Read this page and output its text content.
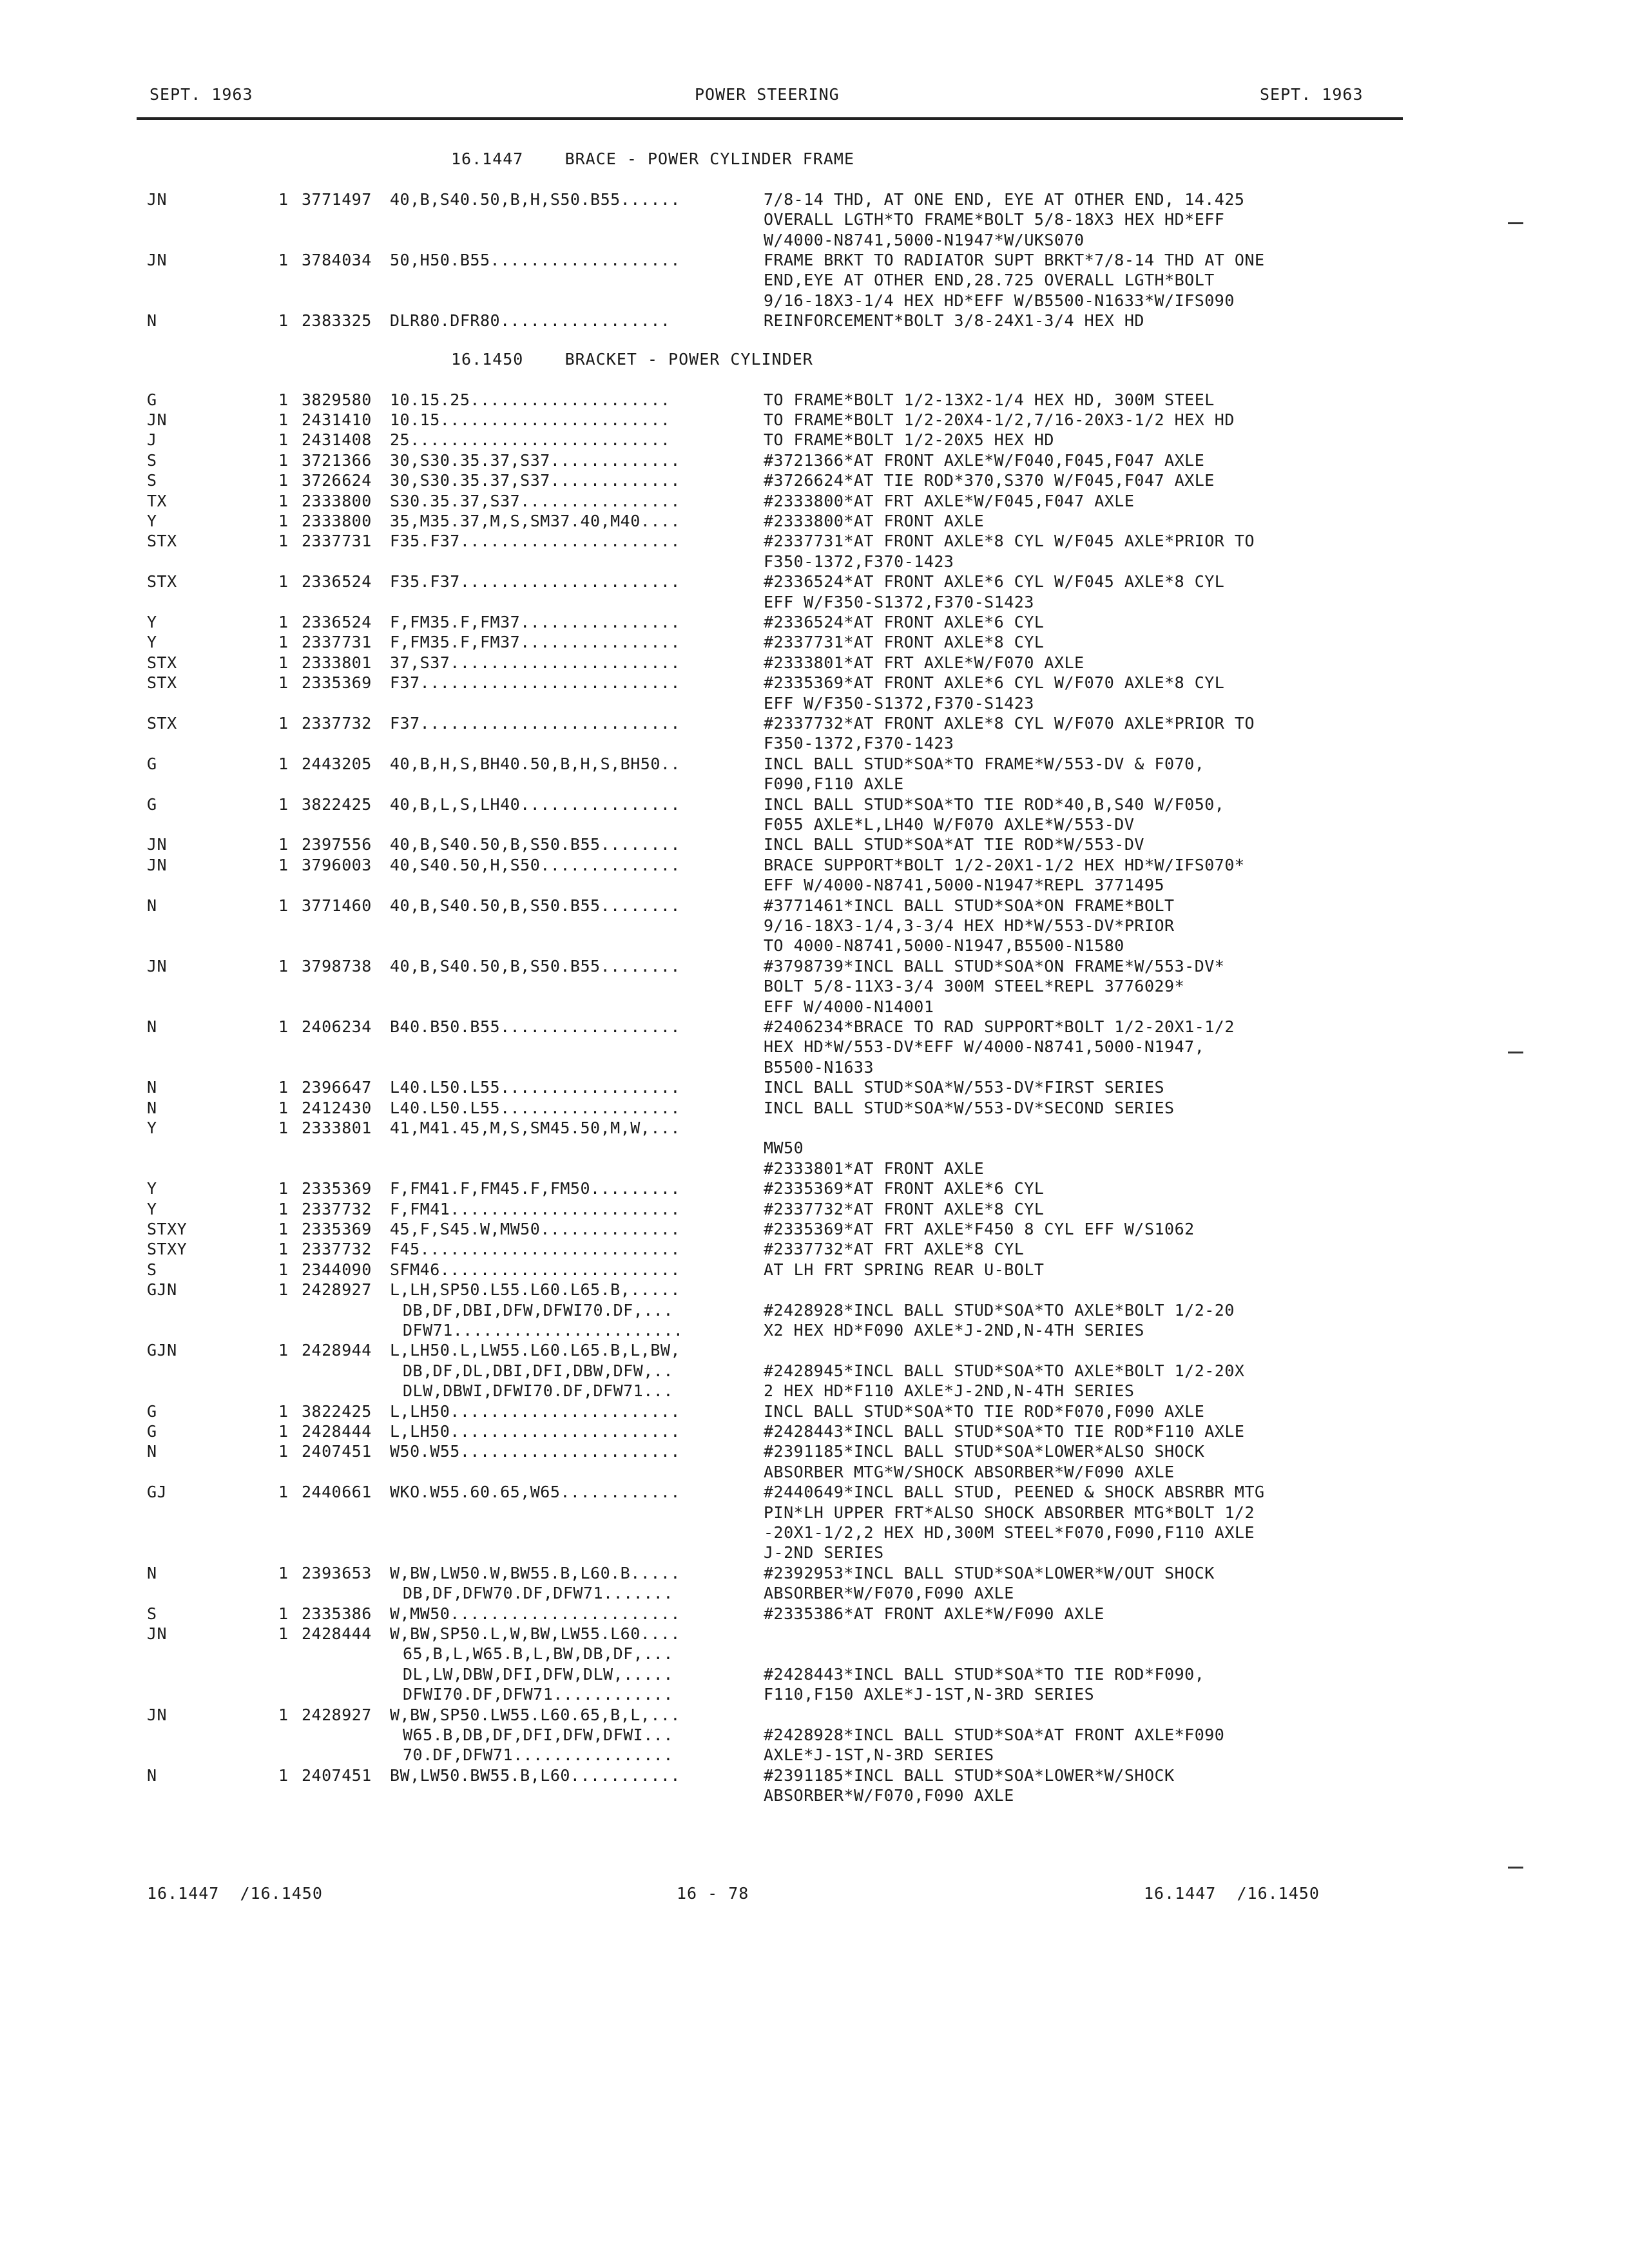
SEPT. 1963	POWER STEERING	SEPT. 1963
16.1447    BRACE - POWER CYLINDER FRAME
JN	1 3771497 40,B,S40.50,B,H,S50.B55......	7/8-14 THD, AT ONE END, EYE AT OTHER END, 14.425
OVERALL LGTH*TO FRAME*BOLT 5/8-18X3 HEX HD*EFF
W/4000-N8741,5000-N1947*W/UKS070
JN	1 3784034 50,H50.B55...................	FRAME BRKT TO RADIATOR SUPT BRKT*7/8-14 THD AT ONE
END,EYE AT OTHER END,28.725 OVERALL LGTH*BOLT
9/16-18X3-1/4 HEX HD*EFF W/B5500-N1633*W/IFS090
N	1 2383325 DLR80.DFR80.................	REINFORCEMENT*BOLT 3/8-24X1-3/4 HEX HD
16.1450    BRACKET - POWER CYLINDER
G	1 3829580 10.15.25....................	TO FRAME*BOLT 1/2-13X2-1/4 HEX HD, 300M STEEL
JN	1 2431410 10.15.......................	TO FRAME*BOLT 1/2-20X4-1/2,7/16-20X3-1/2 HEX HD
J	1 2431408 25..........................	TO FRAME*BOLT 1/2-20X5 HEX HD
S	1 3721366 30,S30.35.37,S37.............	#3721366*AT FRONT AXLE*W/F040,F045,F047 AXLE
S	1 3726624 30,S30.35.37,S37.............	#3726624*AT TIE ROD*370,S370 W/F045,F047 AXLE
TX	1 2333800 S30.35.37,S37................	#2333800*AT FRT AXLE*W/F045,F047 AXLE
Y	1 2333800 35,M35.37,M,S,SM37.40,M40....	#2333800*AT FRONT AXLE
STX	1 2337731 F35.F37......................	#2337731*AT FRONT AXLE*8 CYL W/F045 AXLE*PRIOR TO
F350-1372,F370-1423
STX	1 2336524 F35.F37......................	#2336524*AT FRONT AXLE*6 CYL W/F045 AXLE*8 CYL
EFF W/F350-S1372,F370-S1423
Y	1 2336524 F,FM35.F,FM37................	#2336524*AT FRONT AXLE*6 CYL
Y	1 2337731 F,FM35.F,FM37................	#2337731*AT FRONT AXLE*8 CYL
STX	1 2333801 37,S37.......................	#2333801*AT FRT AXLE*W/F070 AXLE
STX	1 2335369 F37..........................	#2335369*AT FRONT AXLE*6 CYL W/F070 AXLE*8 CYL
EFF W/F350-S1372,F370-S1423
STX	1 2337732 F37..........................	#2337732*AT FRONT AXLE*8 CYL W/F070 AXLE*PRIOR TO
F350-1372,F370-1423
G	1 2443205 40,B,H,S,BH40.50,B,H,S,BH50..	INCL BALL STUD*SOA*TO FRAME*W/553-DV & F070,
F090,F110 AXLE
G	1 3822425 40,B,L,S,LH40................	INCL BALL STUD*SOA*TO TIE ROD*40,B,S40 W/F050,
F055 AXLE*L,LH40 W/F070 AXLE*W/553-DV
JN	1 2397556 40,B,S40.50,B,S50.B55........	INCL BALL STUD*SOA*AT TIE ROD*W/553-DV
JN	1 3796003 40,S40.50,H,S50..............	BRACE SUPPORT*BOLT 1/2-20X1-1/2 HEX HD*W/IFS070*
EFF W/4000-N8741,5000-N1947*REPL 3771495
N	1 3771460 40,B,S40.50,B,S50.B55........	#3771461*INCL BALL STUD*SOA*ON FRAME*BOLT
9/16-18X3-1/4,3-3/4 HEX HD*W/553-DV*PRIOR
TO 4000-N8741,5000-N1947,B5500-N1580
JN	1 3798738 40,B,S40.50,B,S50.B55........	#3798739*INCL BALL STUD*SOA*ON FRAME*W/553-DV*
BOLT 5/8-11X3-3/4 300M STEEL*REPL 3776029*
EFF W/4000-N14001
N	1 2406234 B40.B50.B55..................	#2406234*BRACE TO RAD SUPPORT*BOLT 1/2-20X1-1/2
HEX HD*W/553-DV*EFF W/4000-N8741,5000-N1947,
B5500-N1633
N	1 2396647 L40.L50.L55..................	INCL BALL STUD*SOA*W/553-DV*FIRST SERIES
N	1 2412430 L40.L50.L55..................	INCL BALL STUD*SOA*W/553-DV*SECOND SERIES
Y	1 2333801 41,M41.45,M,S,SM45.50,M,W,...
MW50
#2333801*AT FRONT AXLE
Y	1 2335369 F,FM41.F,FM45.F,FM50.........	#2335369*AT FRONT AXLE*6 CYL
Y	1 2337732 F,FM41.......................	#2337732*AT FRONT AXLE*8 CYL
STXY	1 2335369 45,F,S45.W,MW50..............	#2335369*AT FRT AXLE*F450 8 CYL EFF W/S1062
STXY	1 2337732 F45..........................	#2337732*AT FRT AXLE*8 CYL
S	1 2344090 SFM46........................	AT LH FRT SPRING REAR U-BOLT
GJN	1 2428927 L,LH,SP50.L55.L60.L65.B,.....
DB,DF,DBI,DFW,DFWI70.DF,...	#2428928*INCL BALL STUD*SOA*TO AXLE*BOLT 1/2-20
DFW71.......................	X2 HEX HD*F090 AXLE*J-2ND,N-4TH SERIES
GJN	1 2428944 L,LH50.L,LW55.L60.L65.B,L,BW,
DB,DF,DL,DBI,DFI,DBW,DFW,..	#2428945*INCL BALL STUD*SOA*TO AXLE*BOLT 1/2-20X
DLW,DBWI,DFWI70.DF,DFW71...	2 HEX HD*F110 AXLE*J-2ND,N-4TH SERIES
G	1 3822425 L,LH50.......................	INCL BALL STUD*SOA*TO TIE ROD*F070,F090 AXLE
G	1 2428444 L,LH50.......................	#2428443*INCL BALL STUD*SOA*TO TIE ROD*F110 AXLE
N	1 2407451 W50.W55......................	#2391185*INCL BALL STUD*SOA*LOWER*ALSO SHOCK
ABSORBER MTG*W/SHOCK ABSORBER*W/F090 AXLE
GJ	1 2440661 WKO.W55.60.65,W65............	#2440649*INCL BALL STUD, PEENED & SHOCK ABSRBR MTG
PIN*LH UPPER FRT*ALSO SHOCK ABSORBER MTG*BOLT 1/2
-20X1-1/2,2 HEX HD,300M STEEL*F070,F090,F110 AXLE
J-2ND SERIES
N	1 2393653 W,BW,LW50.W,BW55.B,L60.B.....	#2392953*INCL BALL STUD*SOA*LOWER*W/OUT SHOCK
DB,DF,DFW70.DF,DFW71.......	ABSORBER*W/F070,F090 AXLE
S	1 2335386 W,MW50.......................	#2335386*AT FRONT AXLE*W/F090 AXLE
JN	1 2428444 W,BW,SP50.L,W,BW,LW55.L60....
65,B,L,W65.B,L,BW,DB,DF,...
DL,LW,DBW,DFI,DFW,DLW,.....	#2428443*INCL BALL STUD*SOA*TO TIE ROD*F090,
DFWI70.DF,DFW71............	F110,F150 AXLE*J-1ST,N-3RD SERIES
JN	1 2428927 W,BW,SP50.LW55.L60.65,B,L,...
W65.B,DB,DF,DFI,DFW,DFWI...	#2428928*INCL BALL STUD*SOA*AT FRONT AXLE*F090
70.DF,DFW71................	AXLE*J-1ST,N-3RD SERIES
N	1 2407451 BW,LW50.BW55.B,L60...........	#2391185*INCL BALL STUD*SOA*LOWER*W/SHOCK
ABSORBER*W/F070,F090 AXLE
16.1447  /16.1450	16 - 78	16.1447  /16.1450
